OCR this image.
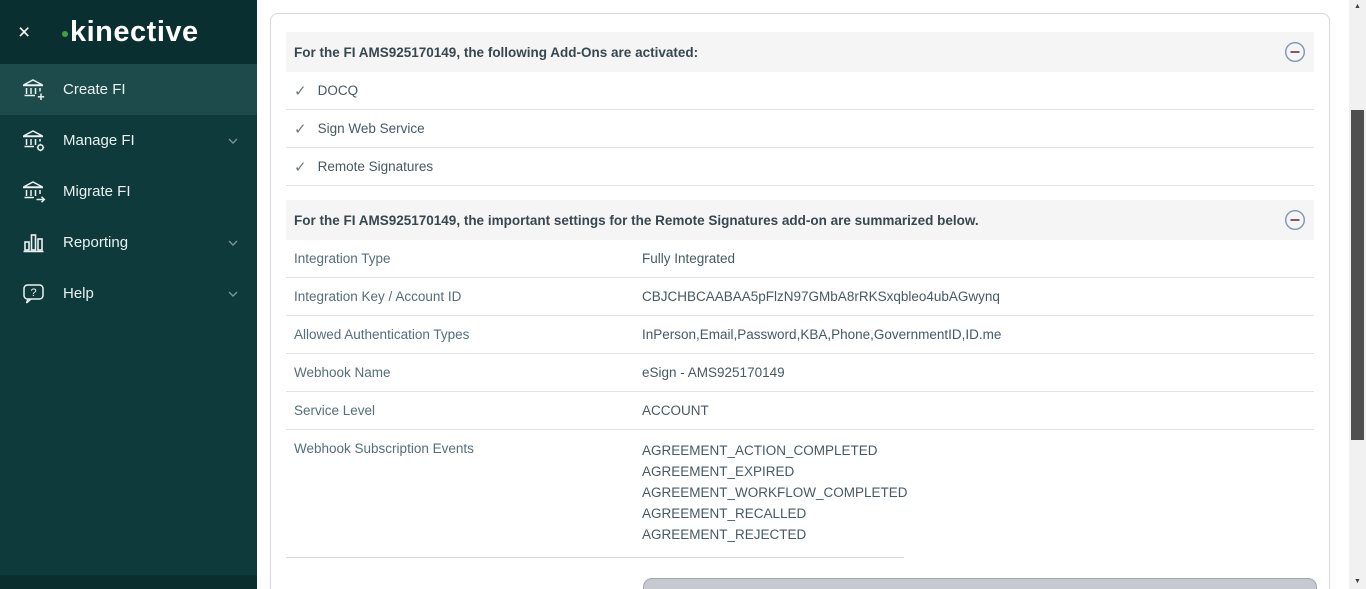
×	kinective
Create FI
Manage FI
Migrate FI
Reporting
? Help
For the FI AMS925170149, the following Add-Ons are activated:
✓ DOCQ
✓ Sign Web Service
✓ Remote Signatures
For the FI AMS925170149, the important settings for the Remote Signatures add-on are summarized below.
Integration Type	Fully Integrated
Integration Key / Account ID	CBJCHBCAABAA5pFlzN97GMbA8rRKSxqbleo4ubAGwynq
Allowed Authentication Types	InPerson,Email,Password,KBA,Phone,GovernmentID,ID.me
Webhook Name	eSign - AMS925170149
Service Level	ACCOUNT
Webhook Subscription Events	AGREEMENT_ACTION_COMPLETED
AGREEMENT_EXPIRED
AGREEMENT_WORKFLOW_COMPLETED
AGREEMENT_RECALLED
AGREEMENT_REJECTED
▲
▼
